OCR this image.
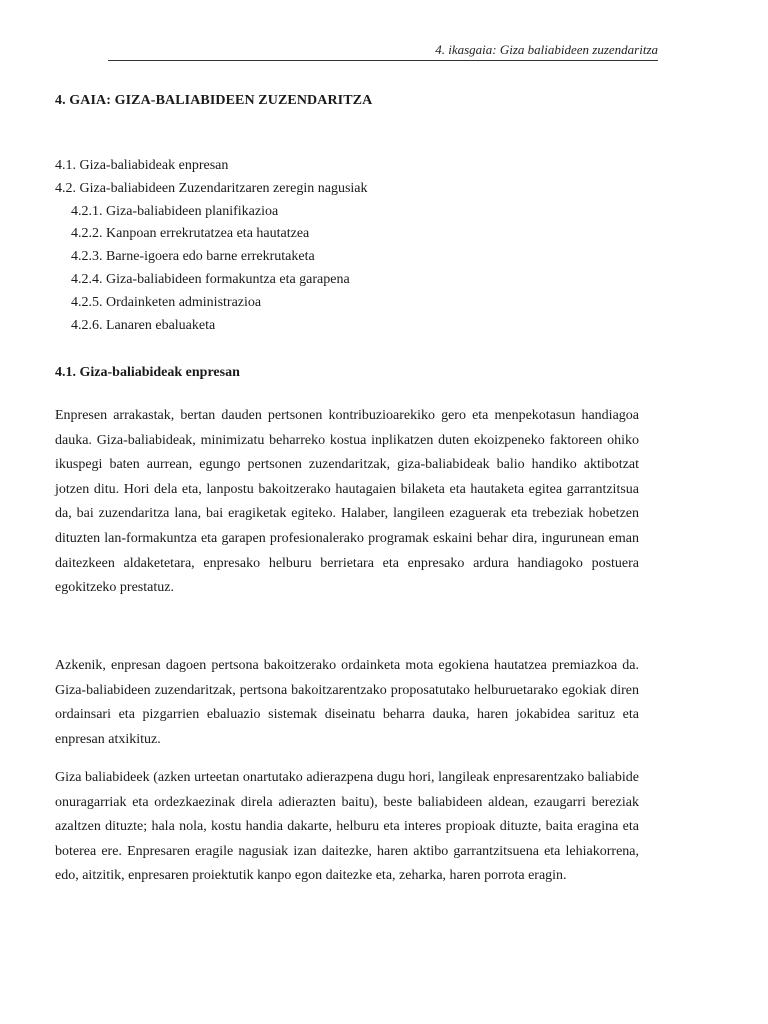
4. ikasgaia: Giza baliabideen zuzendaritza
4. GAIA: GIZA-BALIABIDEEN ZUZENDARITZA
4.1. Giza-baliabideak enpresan
4.2. Giza-baliabideen Zuzendaritzaren zeregin nagusiak
4.2.1. Giza-baliabideen planifikazioa
4.2.2. Kanpoan errekrutatzea eta hautatzea
4.2.3. Barne-igoera edo barne errekrutaketa
4.2.4. Giza-baliabideen formakuntza eta garapena
4.2.5. Ordainketen administrazioa
4.2.6. Lanaren ebaluaketa
4.1. Giza-baliabideak enpresan

Enpresen arrakastak, bertan dauden pertsonen kontribuzioarekiko gero eta menpekotasun handiagoa dauka. Giza-baliabideak, minimizatu beharreko kostua inplikatzen duten ekoizpeneko faktoreen ohiko ikuspegi baten aurrean, egungo pertsonen zuzendaritzak, giza-baliabideak balio handiko aktibotzat jotzen ditu. Hori dela eta, lanpostu bakoitzerako hautagaien bilaketa eta hautaketa egitea garrantzitsua da, bai zuzendaritza lana, bai eragiketak egiteko. Halaber, langileen ezaguerak eta trebeziak hobetzen dituzten lan-formakuntza eta garapen profesionalerako programak eskaini behar dira, ingurunean eman daitezkeen aldaketetara, enpresako helburu berrietara eta enpresako ardura handiagoko postuera egokitzeko prestatuz.

Azkenik, enpresan dagoen pertsona bakoitzerako ordainketa mota egokiena hautatzea premiazkoa da. Giza-baliabideen zuzendaritzak, pertsona bakoitzarentzako proposatutako helburuetarako egokiak diren ordainsari eta pizgarrien ebaluazio sistemak diseinatu beharra dauka, haren jokabidea sarituz eta enpresan atxikituz.

Giza baliabideek (azken urteetan onartutako adierazpena dugu hori, langileak enpresarentzako baliabide onuragarriak eta ordezkaezinak direla adierazten baitu), beste baliabideen aldean, ezaugarri bereziak azaltzen dituzte; hala nola, kostu handia dakarte, helburu eta interes propioak dituzte, baita eragina eta boterea ere. Enpresaren eragile nagusiak izan daitezke, haren aktibo garrantzitsuena eta lehiakorrena, edo, aitzitik, enpresaren proiektutik kanpo egon daitezke eta, zeharka, haren porrota eragin.
